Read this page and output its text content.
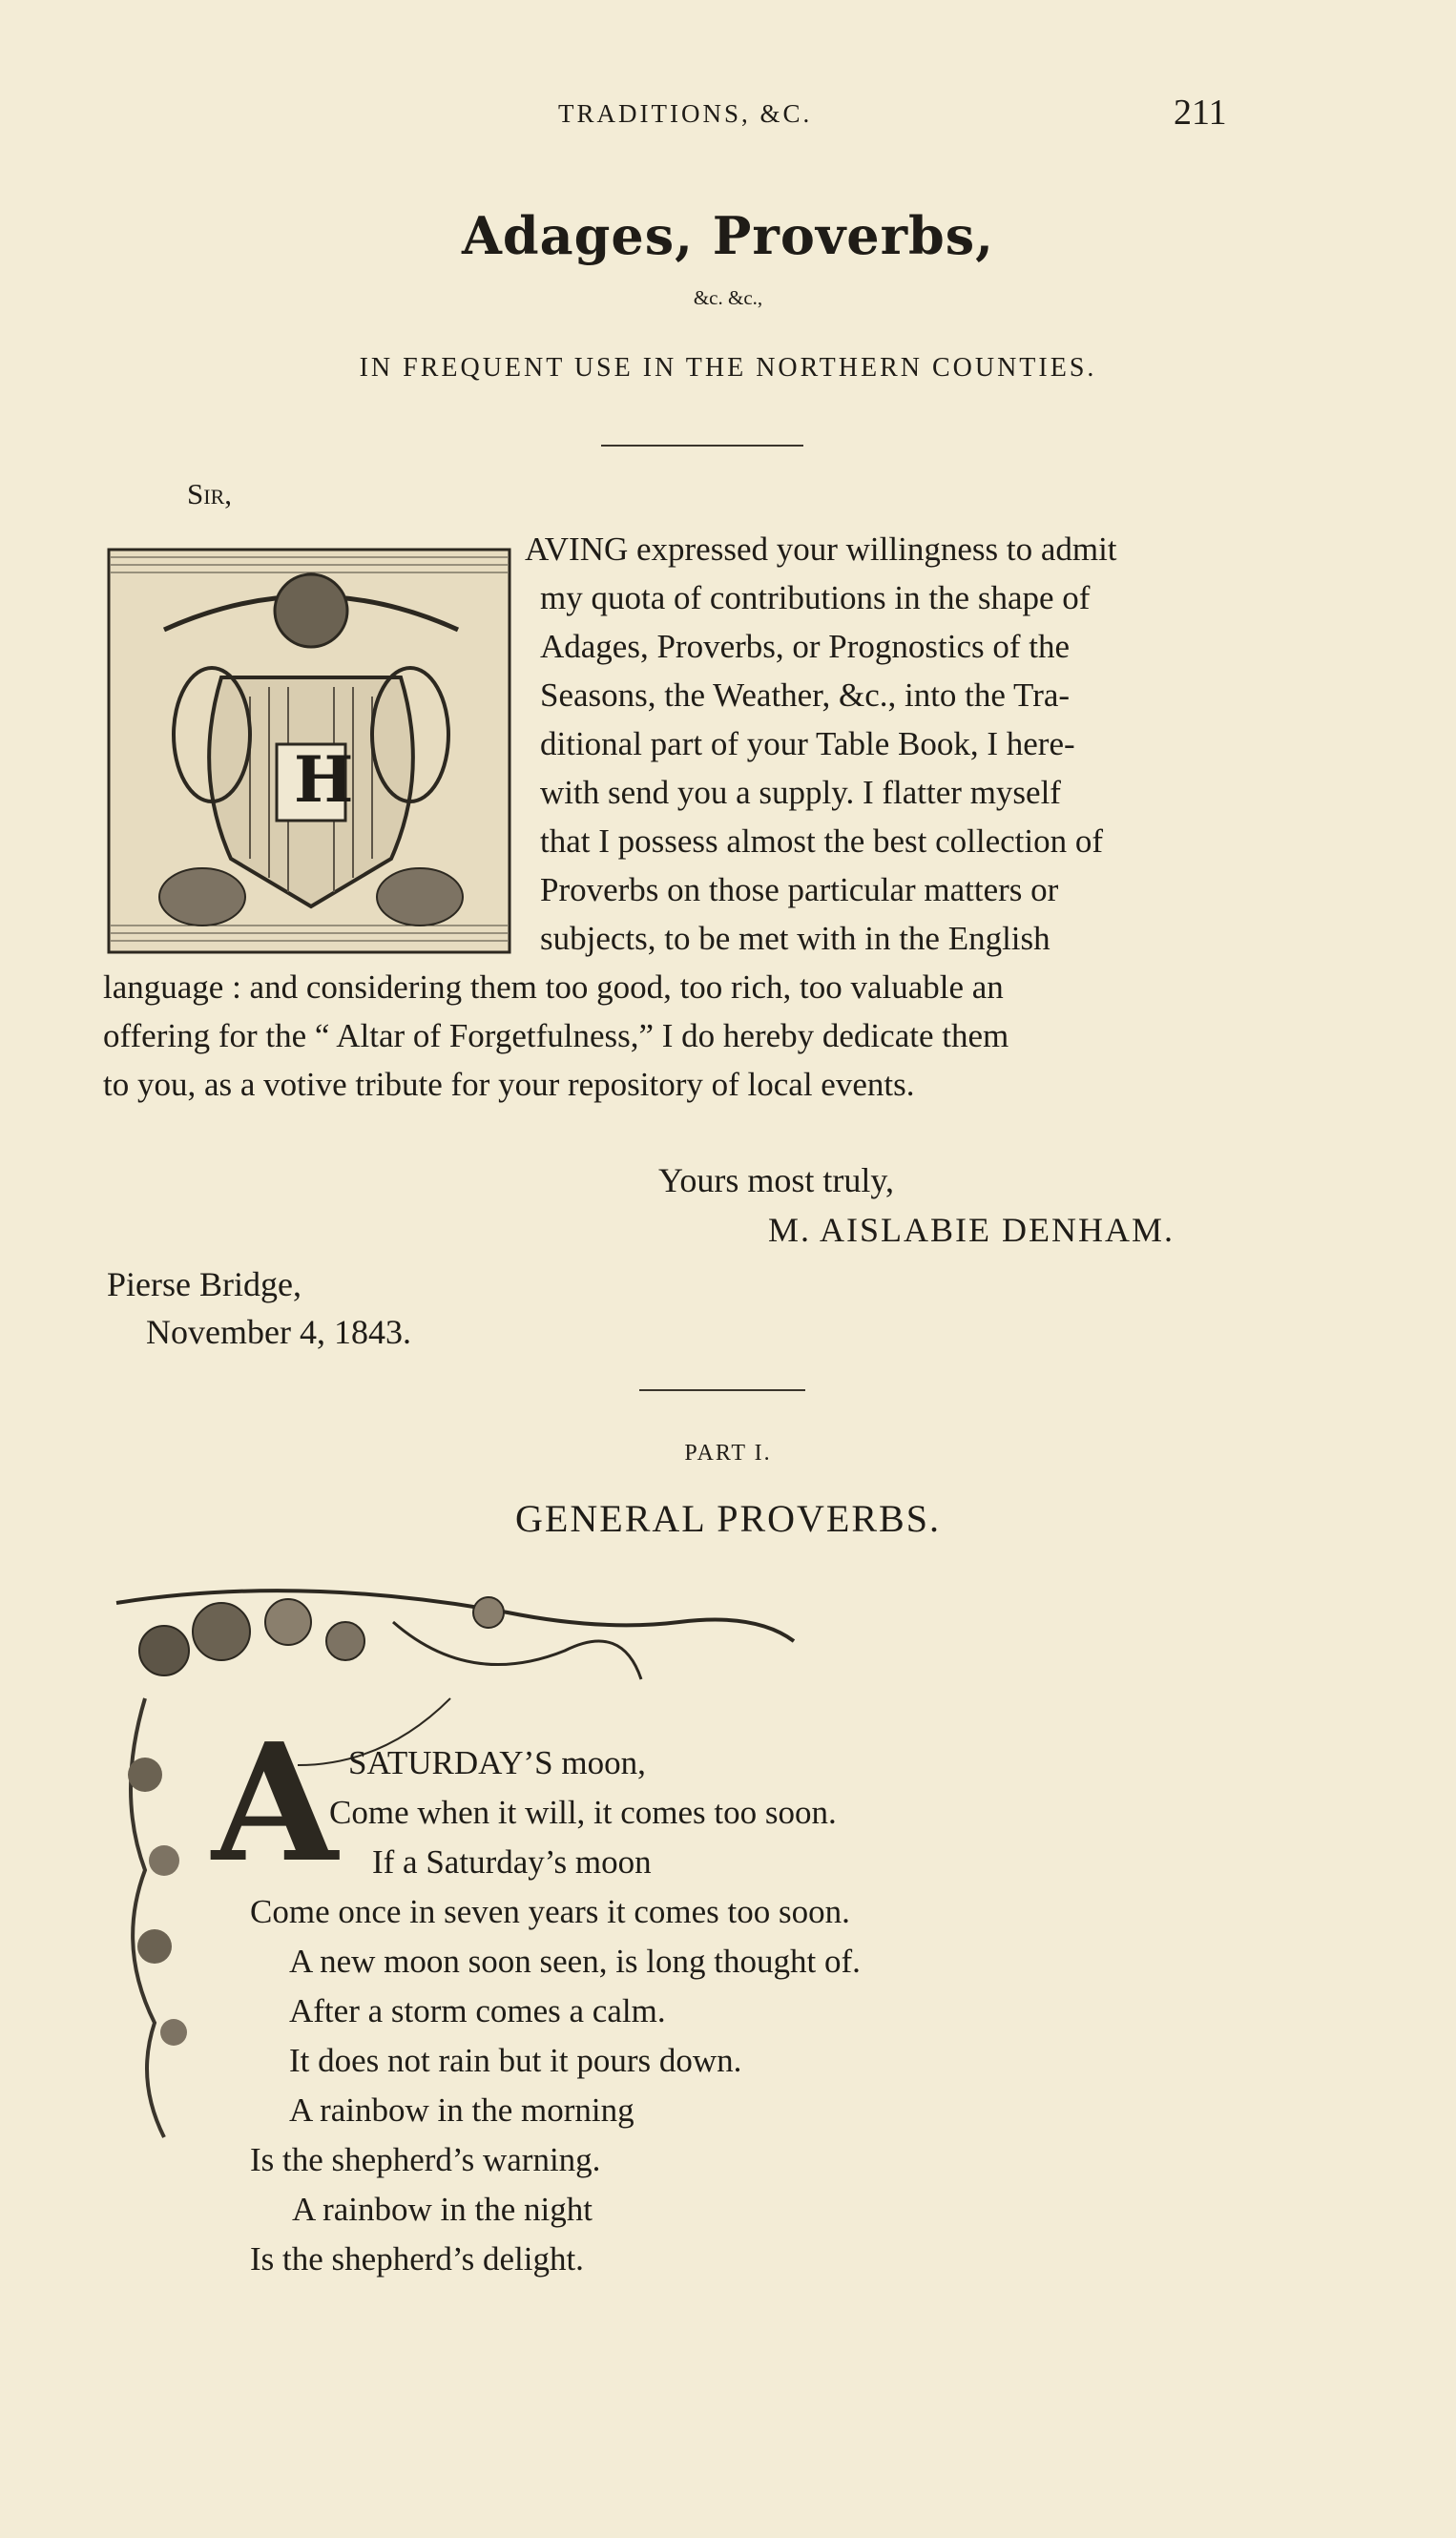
TRADITIONS, &C.	211
Adages, Proverbs,
&c. &c.,
IN FREQUENT USE IN THE NORTHERN COUNTIES.
Sir,
H
AVING expressed your willingness to admit
my quota of contributions in the shape of
Adages, Proverbs, or Prognostics of the
Seasons, the Weather, &c., into the Tra-
ditional part of your Table Book, I here-
with send you a supply. I flatter myself
that I possess almost the best collection of
Proverbs on those particular matters or
subjects, to be met with in the English
language : and considering them too good, too rich, too valuable an
offering for the “ Altar of Forgetfulness,” I do hereby dedicate them
to you, as a votive tribute for your repository of local events.
Yours most truly,
M. AISLABIE DENHAM.
Pierse Bridge,
November 4, 1843.
PART I.
GENERAL PROVERBS.
A SATURDAY’S moon,
Come when it will, it comes too soon.
If a Saturday’s moon
Come once in seven years it comes too soon.
A new moon soon seen, is long thought of.
After a storm comes a calm.
It does not rain but it pours down.
A rainbow in the morning
Is the shepherd’s warning.
A rainbow in the night
Is the shepherd’s delight.
